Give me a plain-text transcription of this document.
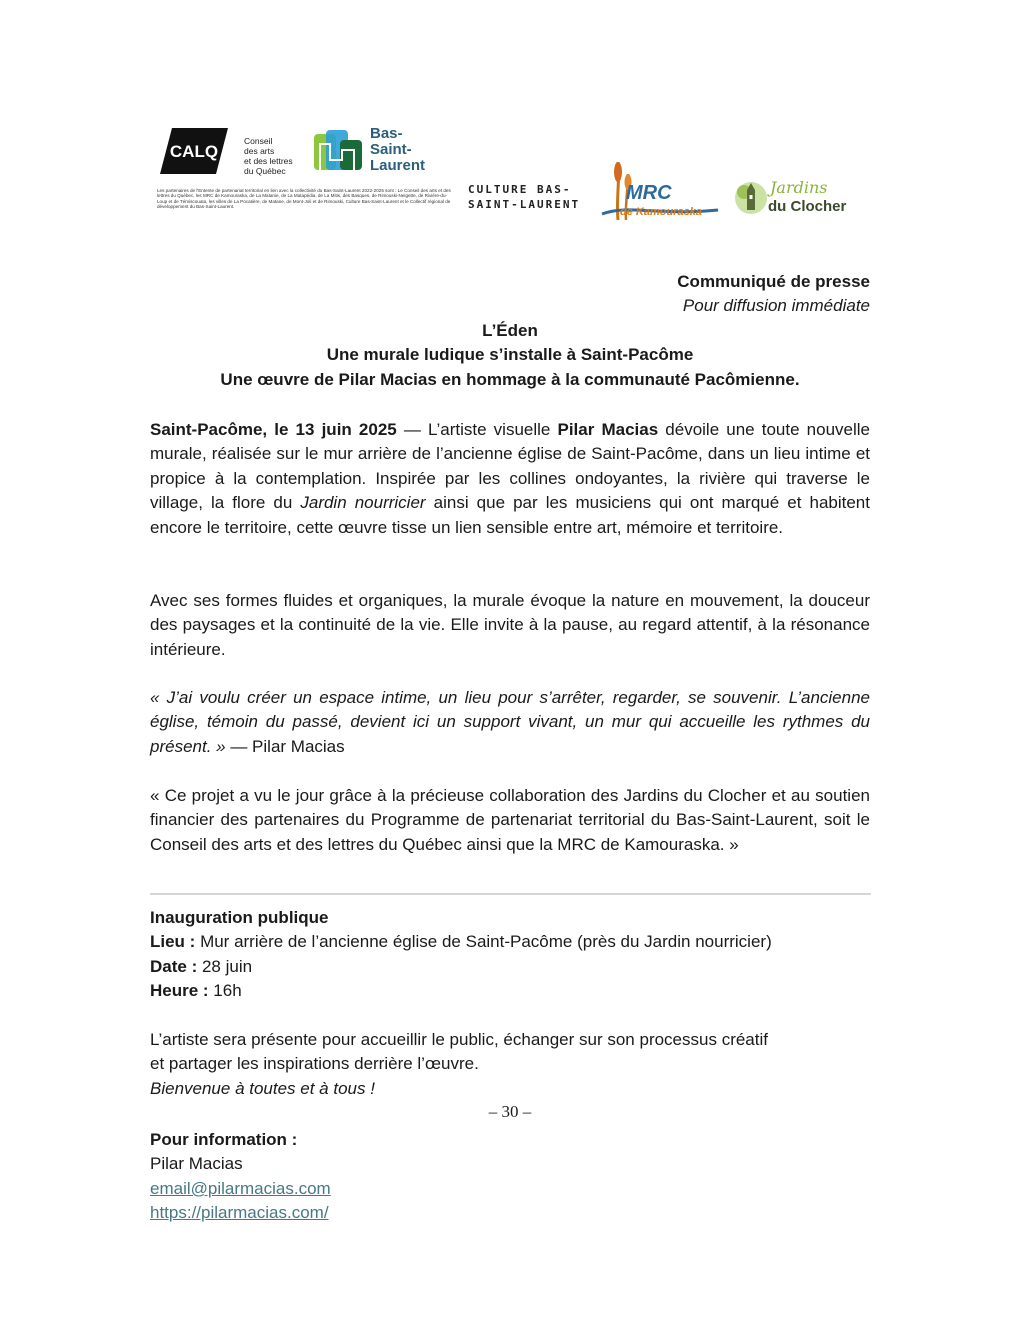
CALQ
Conseil
des arts
et des lettres
du Québec
Bas-
Saint-
Laurent
Les partenaires de l'Entente de partenariat territorial en lien avec la collectivité du Bas-Saint-Laurent 2022-2025 sont : Le Conseil des arts et des lettres du Québec, les MRC de Kamouraska, de La Matanie, de La Matapédia, de La Mitis, des Basques, de Rimouski-Neigette, de Rivière-du-Loup et de Témiscouata, les villes de La Pocatière, de Matane, de Mont-Joli et de Rimouski, Culture Bas-Saint-Laurent et le Collectif régional de développement du Bas-Saint-Laurent.
CULTURE BAS-
SAINT-LAURENT
MRC
de Kamouraska
Jardins
du Clocher
Communiqué de presse
Pour diffusion immédiate
L’Éden
Une murale ludique s’installe à Saint-Pacôme
Une œuvre de Pilar Macias en hommage à la communauté Pacômienne.
Saint-Pacôme, le 13 juin 2025 — L’artiste visuelle Pilar Macias dévoile une toute nouvelle murale, réalisée sur le mur arrière de l’ancienne église de Saint-Pacôme, dans un lieu intime et propice à la contemplation. Inspirée par les collines ondoyantes, la rivière qui traverse le village, la flore du Jardin nourricier ainsi que par les musiciens qui ont marqué et habitent encore le territoire, cette œuvre tisse un lien sensible entre art, mémoire et territoire.
Avec ses formes fluides et organiques, la murale évoque la nature en mouvement, la douceur des paysages et la continuité de la vie. Elle invite à la pause, au regard attentif, à la résonance intérieure.
« J’ai voulu créer un espace intime, un lieu pour s’arrêter, regarder, se souvenir. L’ancienne église, témoin du passé, devient ici un support vivant, un mur qui accueille les rythmes du présent. » — Pilar Macias
« Ce projet a vu le jour grâce à la précieuse collaboration des Jardins du Clocher et au soutien financier des partenaires du Programme de partenariat territorial du Bas-Saint-Laurent, soit le Conseil des arts et des lettres du Québec ainsi que la MRC de Kamouraska. »
Inauguration publique
Lieu : Mur arrière de l’ancienne église de Saint-Pacôme (près du Jardin nourricier)
Date : 28 juin
Heure : 16h
L’artiste sera présente pour accueillir le public, échanger sur son processus créatif
et partager les inspirations derrière l’œuvre.
Bienvenue à toutes et à tous !
– 30 –
Pour information :
Pilar Macias
email@pilarmacias.com
https://pilarmacias.com/
